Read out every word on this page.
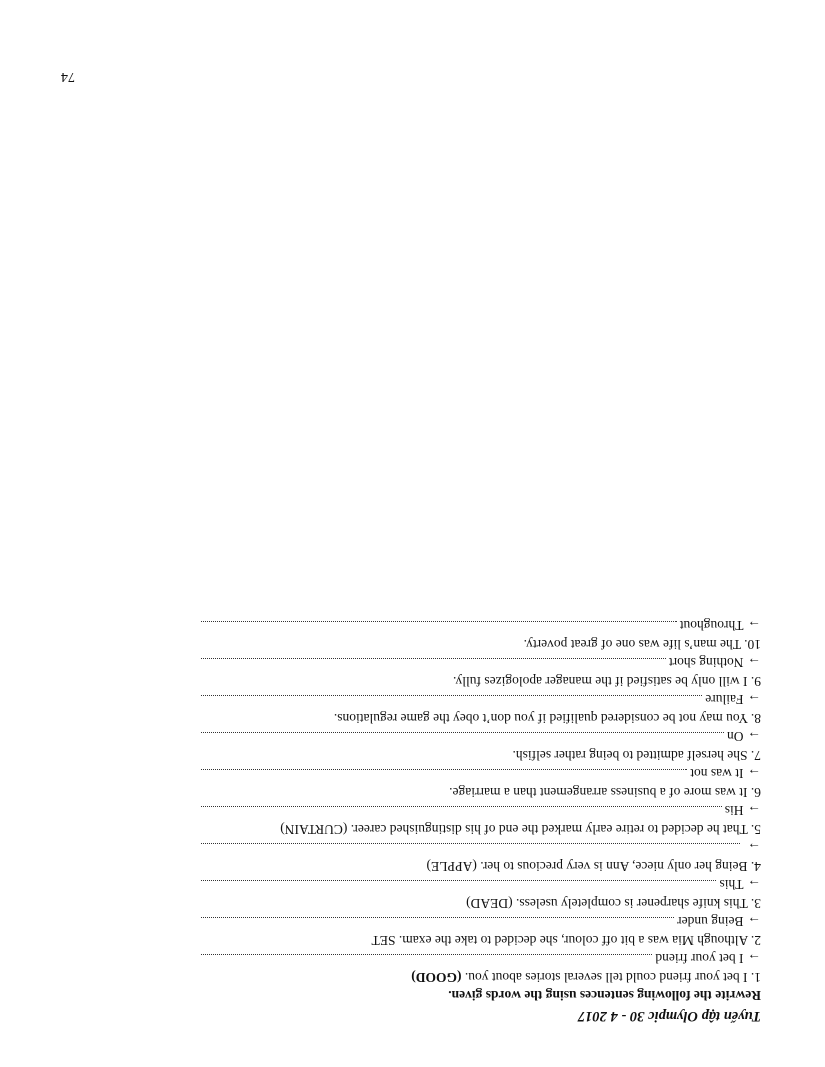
Tuyển tập Olympic 30 - 4 2017
Rewrite the following sentences using the words given.
1. I bet your friend could tell several stories about you. (GOOD)
→
I bet your friend
2. Although Mia was a bit off colour, she decided to take the exam. SET
→
Being under
3. This knife sharpener is completely useless. (DEAD)
→
This
4. Being her only niece, Ann is very precious to her. (APPLE)
→
5. That he decided to retire early marked the end of his distinguished career. (CURTAIN)
→
His
6. It was more of a business arrangement than a marriage.
→
It was not
7. She herself admitted to being rather selfish.
→
On
8. You may not be considered qualified if you don’t obey the game regulations.
→
Failure
9. I will only be satisfied if the manager apologizes fully.
→
Nothing short
10. The man’s life was one of great poverty.
→
Throughout
74
